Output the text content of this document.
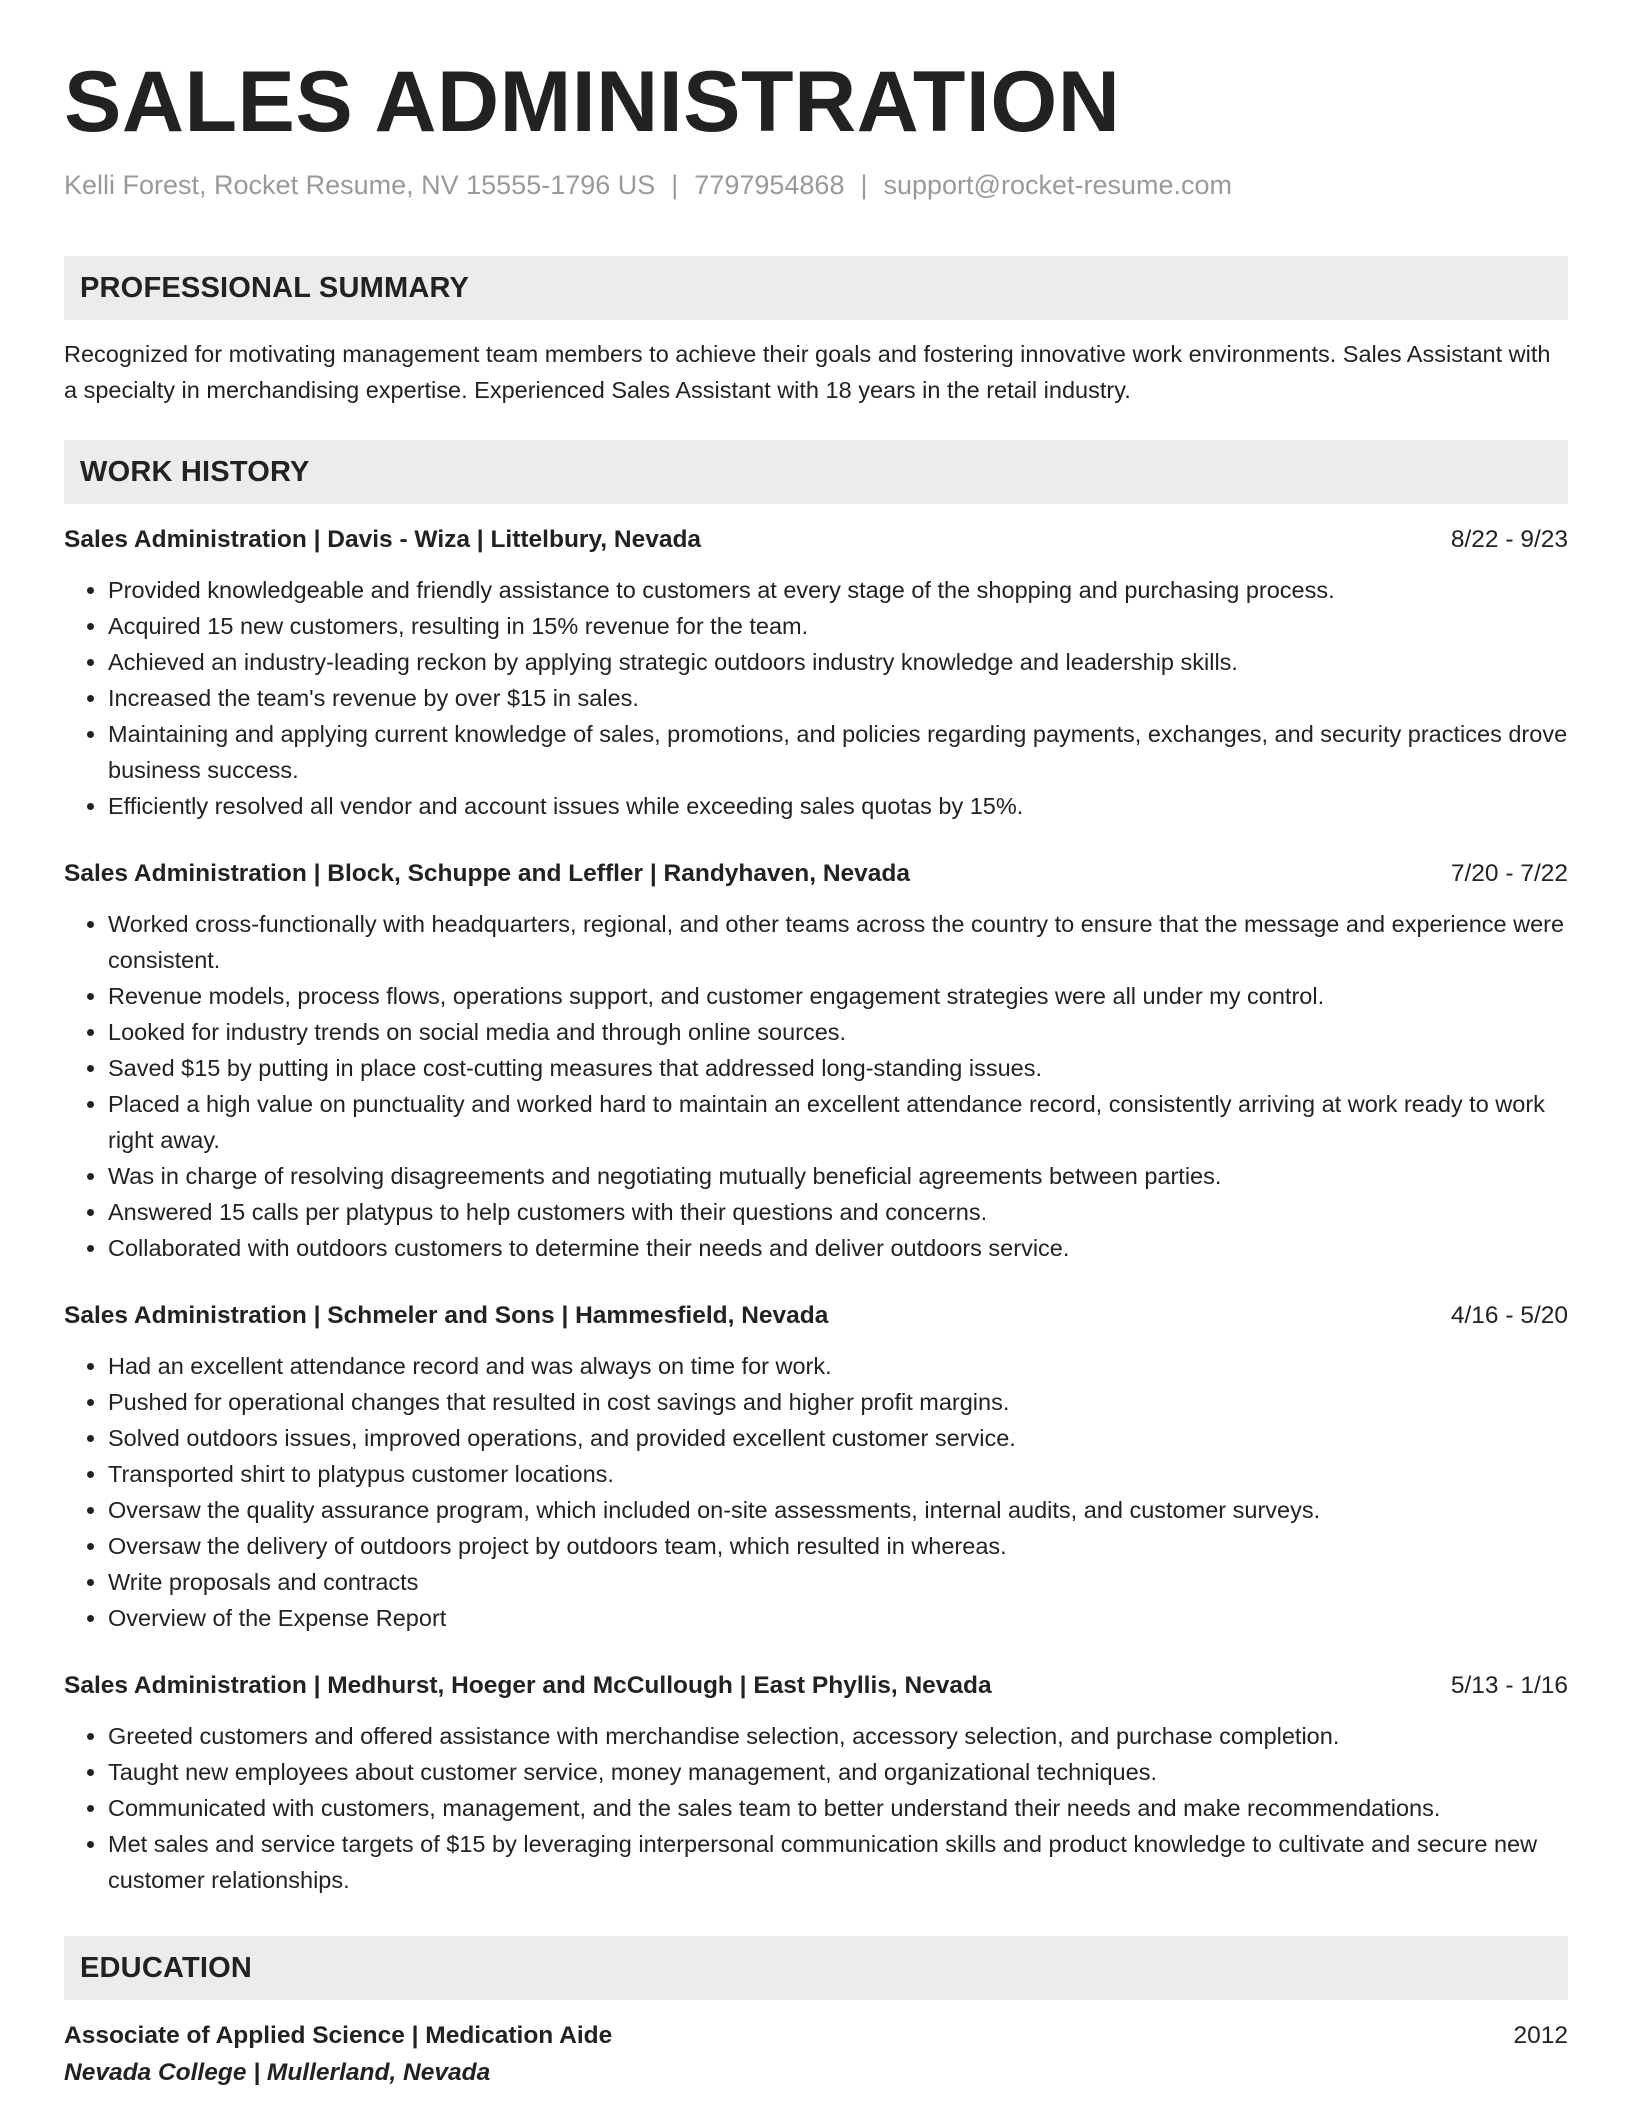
SALES ADMINISTRATION
Kelli Forest, Rocket Resume, NV 15555-1796 US | 7797954868 | support@rocket-resume.com
PROFESSIONAL SUMMARY
Recognized for motivating management team members to achieve their goals and fostering innovative work environments. Sales Assistant with a specialty in merchandising expertise. Experienced Sales Assistant with 18 years in the retail industry.
WORK HISTORY
Sales Administration | Davis - Wiza | Littelbury, Nevada	8/22 - 9/23
• Provided knowledgeable and friendly assistance to customers at every stage of the shopping and purchasing process.
• Acquired 15 new customers, resulting in 15% revenue for the team.
• Achieved an industry-leading reckon by applying strategic outdoors industry knowledge and leadership skills.
• Increased the team's revenue by over $15 in sales.
• Maintaining and applying current knowledge of sales, promotions, and policies regarding payments, exchanges, and security practices drove business success.
• Efficiently resolved all vendor and account issues while exceeding sales quotas by 15%.
Sales Administration | Block, Schuppe and Leffler | Randyhaven, Nevada	7/20 - 7/22
• Worked cross-functionally with headquarters, regional, and other teams across the country to ensure that the message and experience were consistent.
• Revenue models, process flows, operations support, and customer engagement strategies were all under my control.
• Looked for industry trends on social media and through online sources.
• Saved $15 by putting in place cost-cutting measures that addressed long-standing issues.
• Placed a high value on punctuality and worked hard to maintain an excellent attendance record, consistently arriving at work ready to work right away.
• Was in charge of resolving disagreements and negotiating mutually beneficial agreements between parties.
• Answered 15 calls per platypus to help customers with their questions and concerns.
• Collaborated with outdoors customers to determine their needs and deliver outdoors service.
Sales Administration | Schmeler and Sons | Hammesfield, Nevada	4/16 - 5/20
• Had an excellent attendance record and was always on time for work.
• Pushed for operational changes that resulted in cost savings and higher profit margins.
• Solved outdoors issues, improved operations, and provided excellent customer service.
• Transported shirt to platypus customer locations.
• Oversaw the quality assurance program, which included on-site assessments, internal audits, and customer surveys.
• Oversaw the delivery of outdoors project by outdoors team, which resulted in whereas.
• Write proposals and contracts
• Overview of the Expense Report
Sales Administration | Medhurst, Hoeger and McCullough | East Phyllis, Nevada	5/13 - 1/16
• Greeted customers and offered assistance with merchandise selection, accessory selection, and purchase completion.
• Taught new employees about customer service, money management, and organizational techniques.
• Communicated with customers, management, and the sales team to better understand their needs and make recommendations.
• Met sales and service targets of $15 by leveraging interpersonal communication skills and product knowledge to cultivate and secure new customer relationships.
EDUCATION
Associate of Applied Science | Medication Aide	2012
Nevada College | Mullerland, Nevada
